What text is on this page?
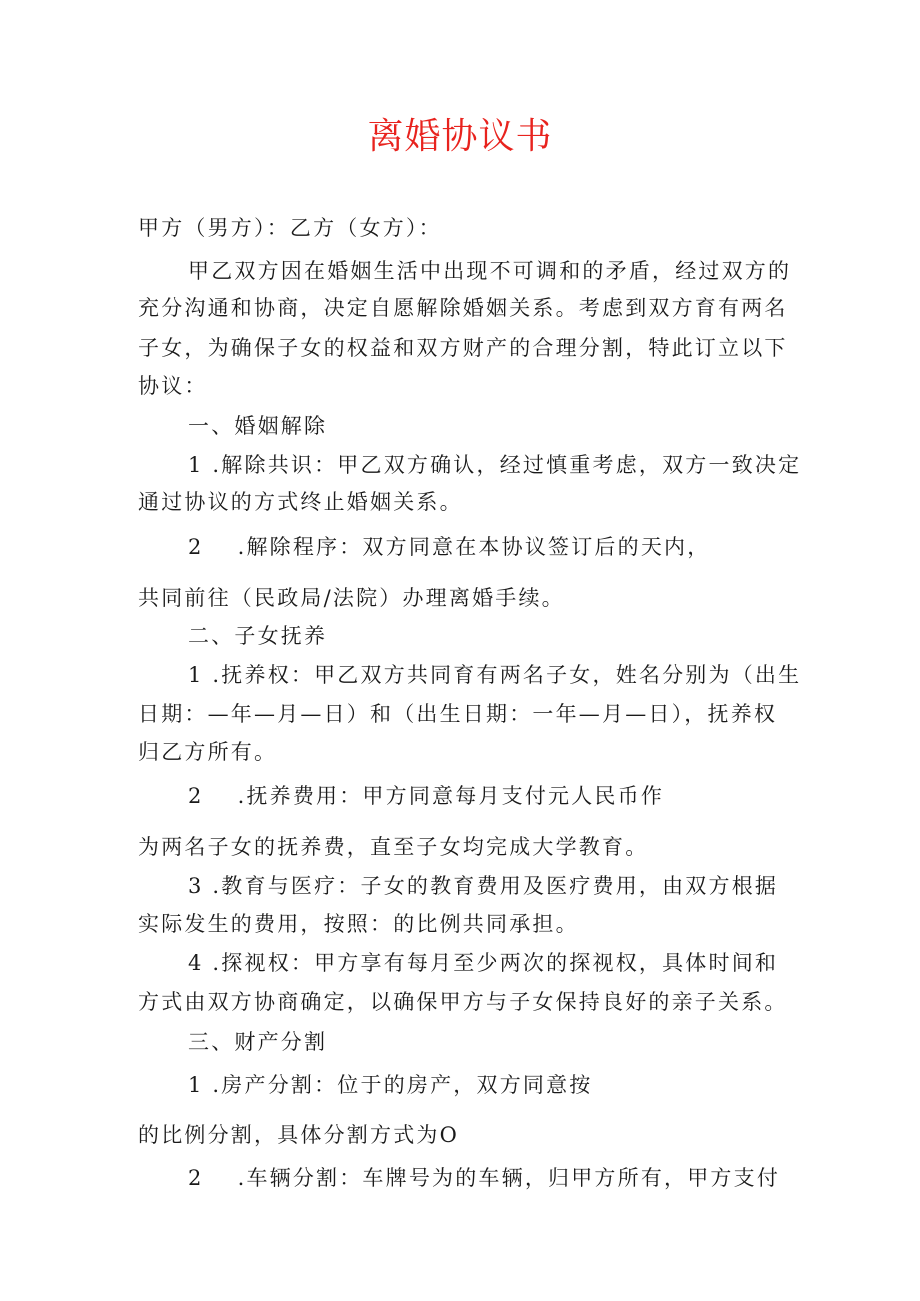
离婚协议书
甲方（男方）：乙方（女方）：
甲乙双方因在婚姻生活中出现不可调和的矛盾，经过双方的
充分沟通和协商，决定自愿解除婚姻关系。考虑到双方育有两名
子女，为确保子女的权益和双方财产的合理分割，特此订立以下
协议：
一、婚姻解除
1 .解除共识：甲乙双方确认，经过慎重考虑，双方一致决定
通过协议的方式终止婚姻关系。
2 .解除程序：双方同意在本协议签订后的天内，
共同前往（民政局/法院）办理离婚手续。
二、子女抚养
1 .抚养权：甲乙双方共同育有两名子女，姓名分别为（出生
日期：—年—月—日）和（出生日期：一年—月—日），抚养权
归乙方所有。
2 .抚养费用：甲方同意每月支付元人民币作
为两名子女的抚养费，直至子女均完成大学教育。
3 .教育与医疗：子女的教育费用及医疗费用，由双方根据
实际发生的费用，按照：的比例共同承担。
4 .探视权：甲方享有每月至少两次的探视权，具体时间和
方式由双方协商确定，以确保甲方与子女保持良好的亲子关系。
三、财产分割
1 .房产分割：位于的房产，双方同意按
的比例分割，具体分割方式为O
2 .车辆分割：车牌号为的车辆，归甲方所有，甲方支付
